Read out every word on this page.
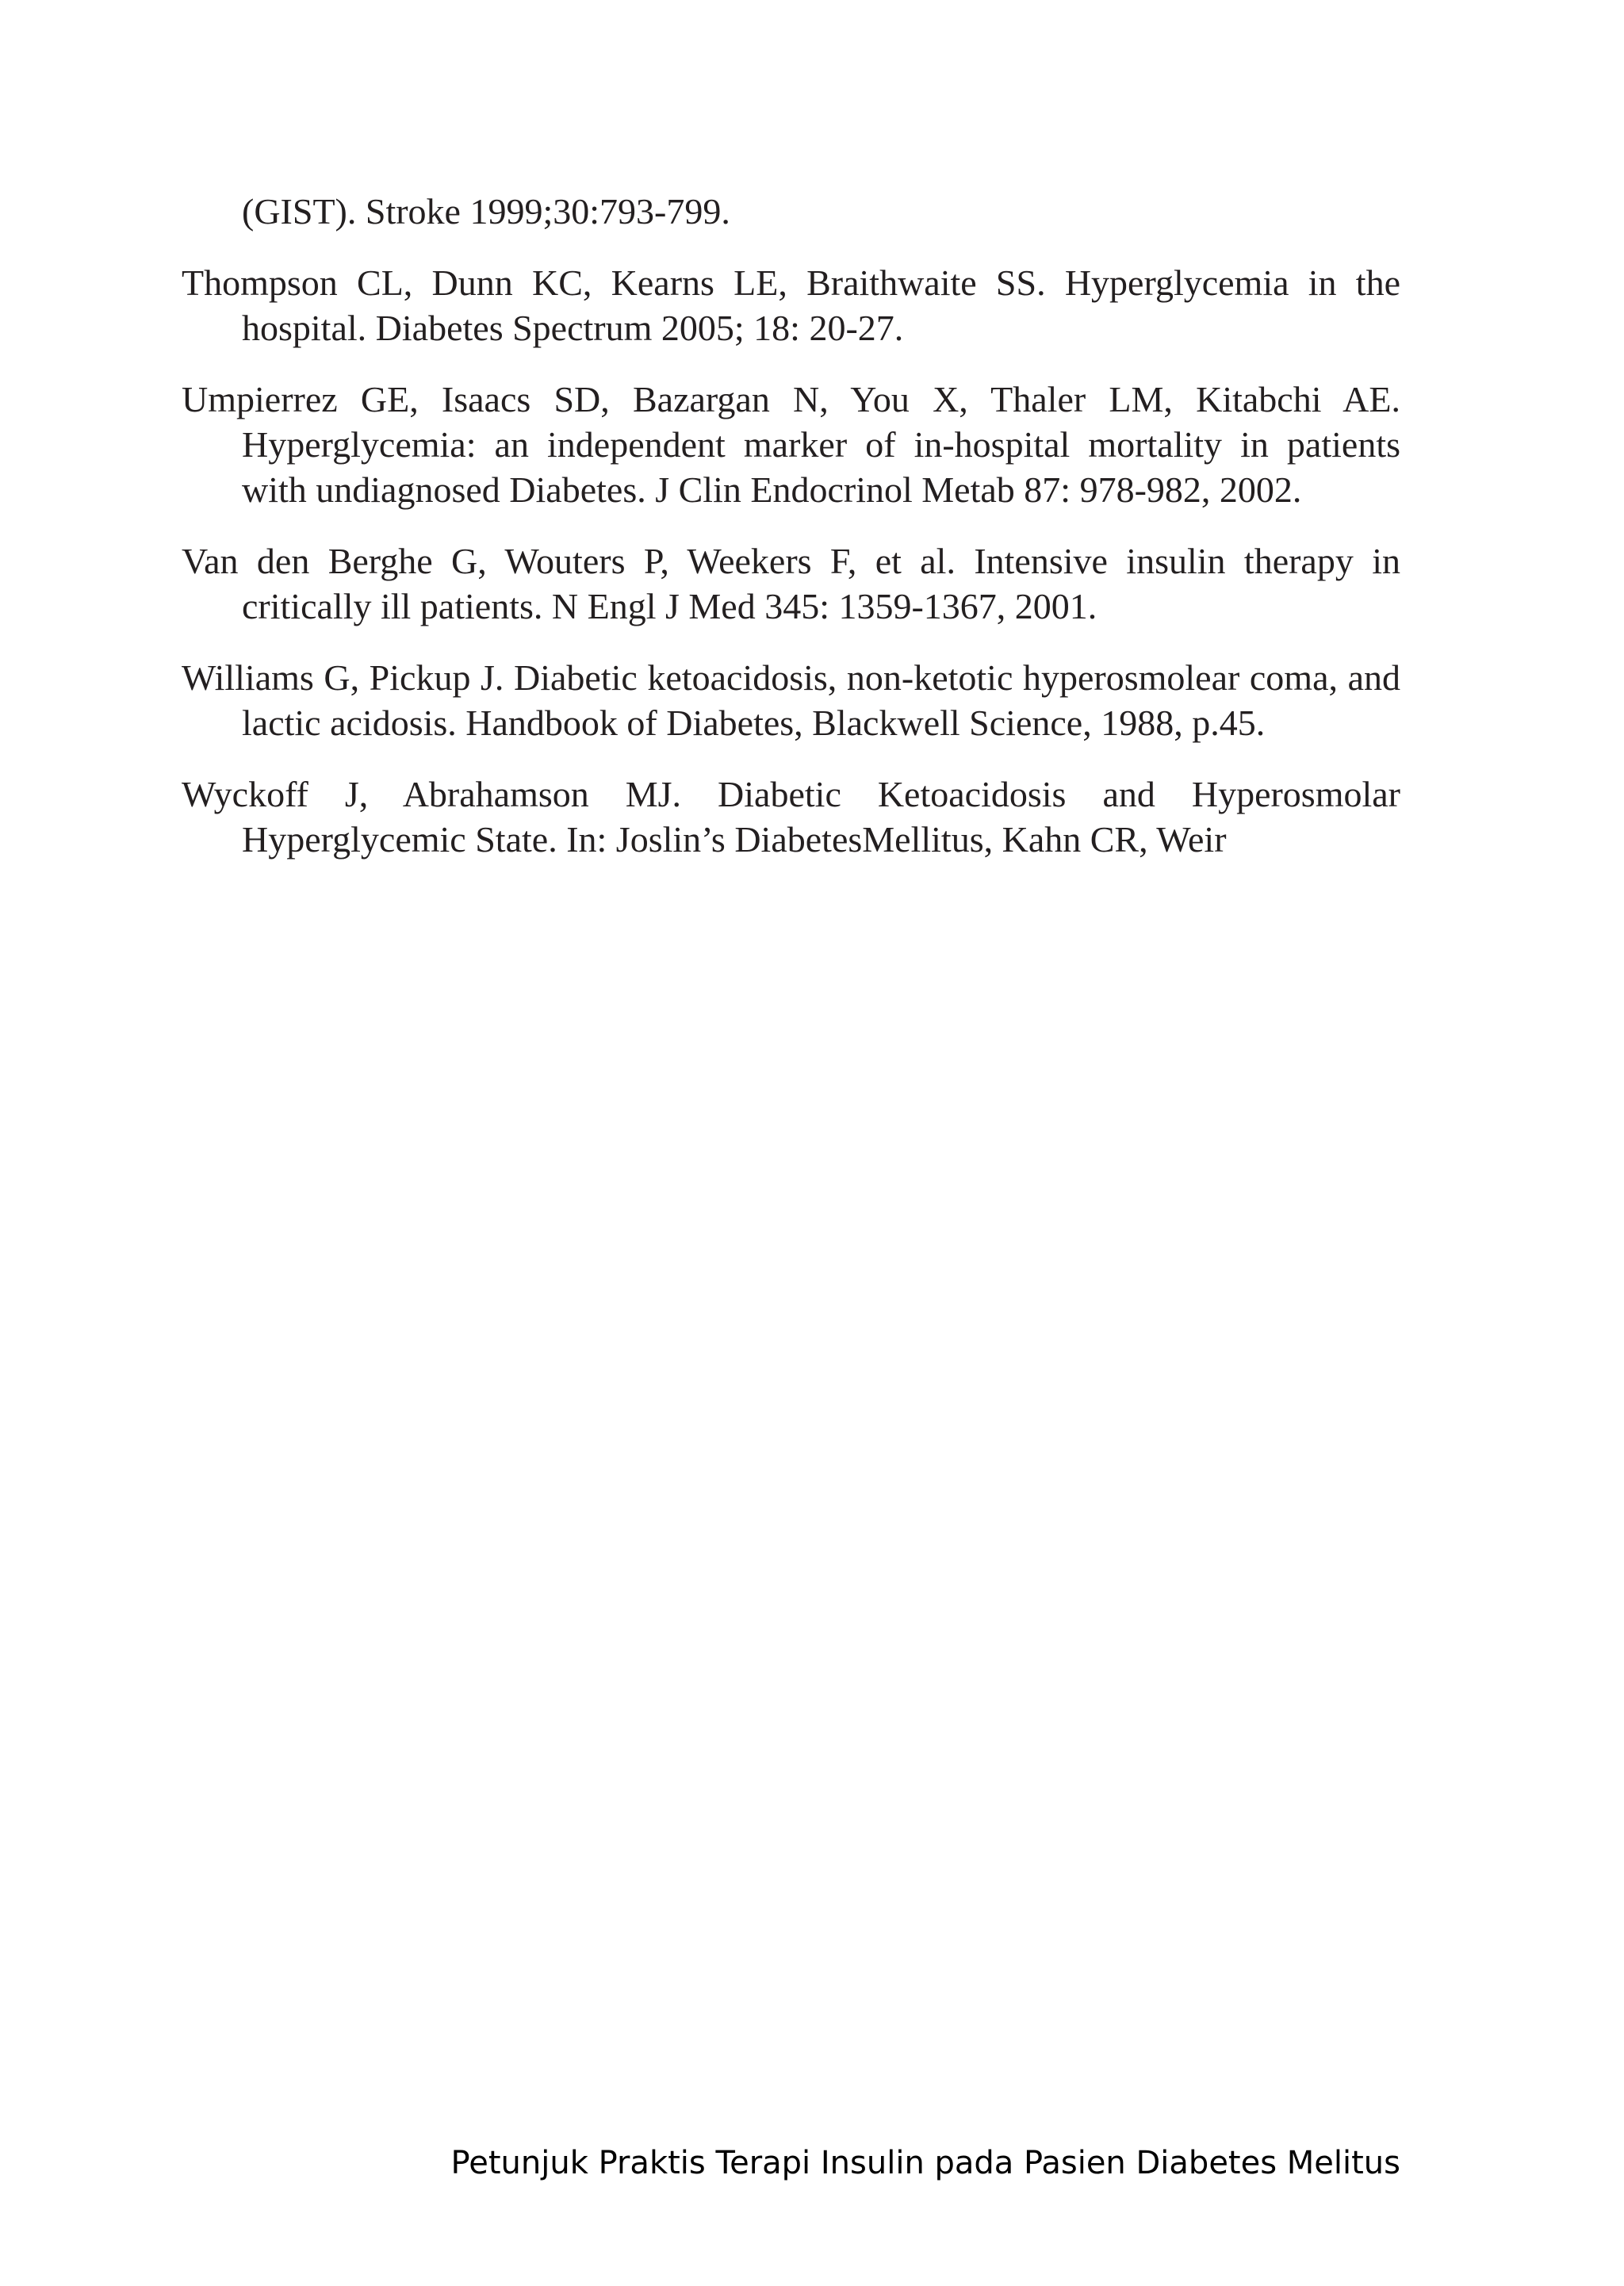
(GIST). Stroke 1999;30:793-799.

Thompson CL, Dunn KC, Kearns LE, Braithwaite SS. Hyperglycemia in the hospital. Diabetes Spectrum 2005; 18: 20-27.

Umpierrez GE, Isaacs SD, Bazargan N, You X, Thaler LM, Kitabchi AE. Hyperglycemia: an independent marker of in-hospital mortality in patients with undiagnosed Diabetes. J Clin Endocrinol Metab 87: 978-982, 2002.

Van den Berghe G, Wouters P, Weekers F, et al. Intensive insulin therapy in critically ill patients. N Engl J Med 345: 1359-1367, 2001.

Williams G, Pickup J. Diabetic ketoacidosis, non-ketotic hyperosmolear coma, and lactic acidosis. Handbook of Diabetes, Blackwell Science, 1988, p.45.

Wyckoff J, Abrahamson MJ. Diabetic Ketoacidosis and Hyperosmolar Hyperglycemic State. In: Joslin’s DiabetesMellitus, Kahn CR, Weir

Petunjuk Praktis Terapi Insulin pada Pasien Diabetes Melitus
